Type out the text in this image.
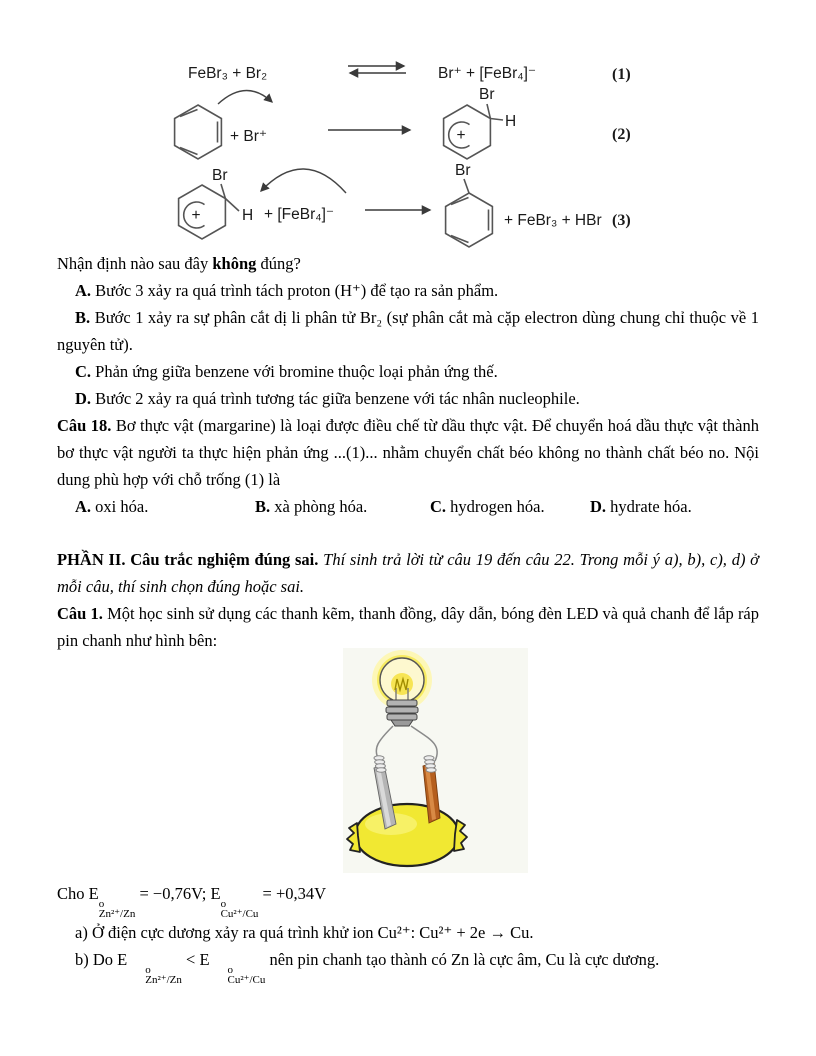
FeBr₃ + Br₂	Br⁺ + [FeBr₄]⁻	(1)
+ Br⁺	+
Br
H
(2)
+
Br
H + [FeBr₄]⁻
Br
+ FeBr₃ + HBr (3)

Nhận định nào sau đây không đúng?

A. Bước 3 xảy ra quá trình tách proton (H⁺) để tạo ra sản phẩm.

B. Bước 1 xảy ra sự phân cắt dị li phân tử Br₂ (sự phân cắt mà cặp electron dùng chung chỉ thuộc về 1 nguyên tử).

C. Phản ứng giữa benzene với bromine thuộc loại phản ứng thế.

D. Bước 2 xảy ra quá trình tương tác giữa benzene với tác nhân nucleophile.

Câu 18. Bơ thực vật (margarine) là loại được điều chế từ dầu thực vật. Để chuyển hoá dầu thực vật thành bơ thực vật người ta thực hiện phản ứng ...(1)... nhằm chuyển chất béo không no thành chất béo no. Nội dung phù hợp với chỗ trống (1) là

A. oxi hóa.	B. xà phòng hóa.	C. hydrogen hóa.	D. hydrate hóa.

PHẦN II. Câu trắc nghiệm đúng sai. Thí sinh trả lời từ câu 19 đến câu 22. Trong mỗi ý a), b), c), d) ở mỗi câu, thí sinh chọn đúng hoặc sai.

Câu 1. Một học sinh sử dụng các thanh kẽm, thanh đồng, dây dẫn, bóng đèn LED và quả chanh để lắp ráp pin chanh như hình bên:

Cho E
o
Zn²⁺/Zn
= −0,76V; E
o
Cu²⁺/Cu
= +0,34V

a) Ở điện cực dương xảy ra quá trình khử ion Cu²⁺: Cu²⁺ + 2e → Cu.

b) Do E
o
Zn²⁺/Zn
< E
o
Cu²⁺/Cu
nên pin chanh tạo thành có Zn là cực âm, Cu là cực dương.
